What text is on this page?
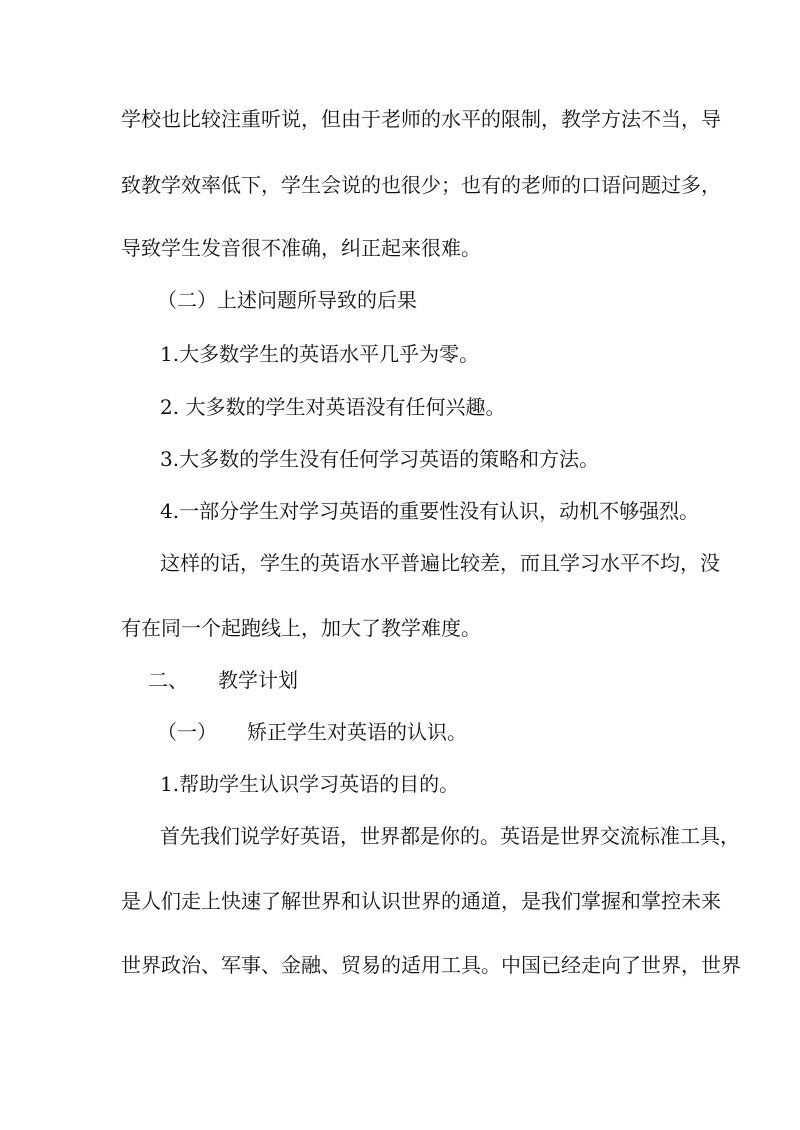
学校也比较注重听说，但由于老师的水平的限制，教学方法不当，导
致教学效率低下，学生会说的也很少；也有的老师的口语问题过多，
导致学生发音很不准确，纠正起来很难。
（二）上述问题所导致的后果
1.大多数学生的英语水平几乎为零。
2. 大多数的学生对英语没有任何兴趣。
3.大多数的学生没有任何学习英语的策略和方法。
4.一部分学生对学习英语的重要性没有认识，动机不够强烈。
这样的话，学生的英语水平普遍比较差，而且学习水平不均，没
有在同一个起跑线上，加大了教学难度。
二、 教学计划
（一） 矫正学生对英语的认识。
1.帮助学生认识学习英语的目的。
首先我们说学好英语，世界都是你的。英语是世界交流标准工具，
是人们走上快速了解世界和认识世界的通道，是我们掌握和掌控未来
世界政治、军事、金融、贸易的适用工具。中国已经走向了世界，世界
